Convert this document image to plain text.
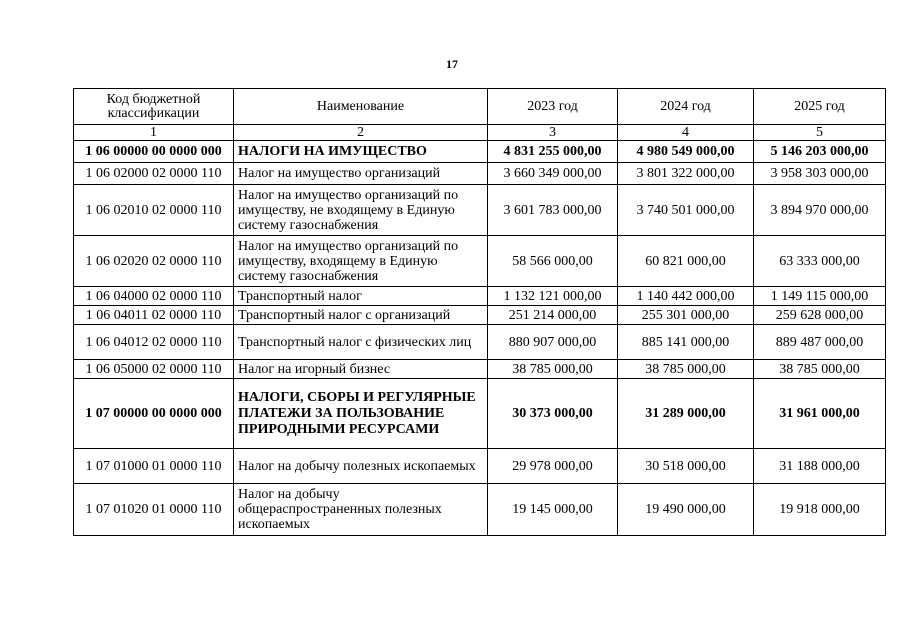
17
Код бюджетной классификации	Наименование	2023 год	2024 год	2025 год
1	2	3	4	5
1 06 00000 00 0000 000	НАЛОГИ НА ИМУЩЕСТВО	4 831 255 000,00	4 980 549 000,00	5 146 203 000,00
1 06 02000 02 0000 110	Налог на имущество организаций	3 660 349 000,00	3 801 322 000,00	3 958 303 000,00
1 06 02010 02 0000 110	Налог на имущество организаций по имуществу, не входящему в Единую систему газоснабжения	3 601 783 000,00	3 740 501 000,00	3 894 970 000,00
1 06 02020 02 0000 110	Налог на имущество организаций по имуществу, входящему в Единую систему газоснабжения	58 566 000,00	60 821 000,00	63 333 000,00
1 06 04000 02 0000 110	Транспортный налог	1 132 121 000,00	1 140 442 000,00	1 149 115 000,00
1 06 04011 02 0000 110	Транспортный налог с организаций	251 214 000,00	255 301 000,00	259 628 000,00
1 06 04012 02 0000 110	Транспортный налог с физических лиц	880 907 000,00	885 141 000,00	889 487 000,00
1 06 05000 02 0000 110	Налог на игорный бизнес	38 785 000,00	38 785 000,00	38 785 000,00
1 07 00000 00 0000 000	НАЛОГИ, СБОРЫ И РЕГУЛЯРНЫЕ ПЛАТЕЖИ ЗА ПОЛЬЗОВАНИЕ ПРИРОДНЫМИ РЕСУРСАМИ	30 373 000,00	31 289 000,00	31 961 000,00
1 07 01000 01 0000 110	Налог на добычу полезных ископаемых	29 978 000,00	30 518 000,00	31 188 000,00
1 07 01020 01 0000 110	Налог на добычу общераспространенных полезных ископаемых	19 145 000,00	19 490 000,00	19 918 000,00
